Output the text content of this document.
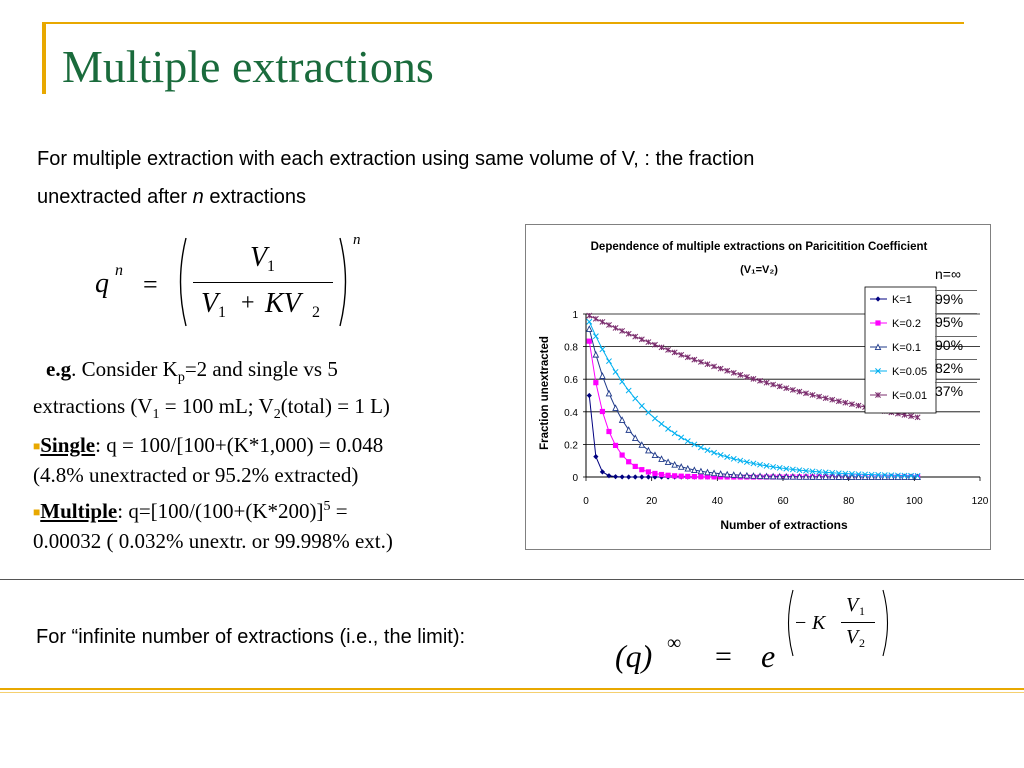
Multiple extractions
For multiple extraction with each extraction using same volume of V, : the fraction
unextracted after n extractions
q n =
V 1
V 1 + KV 2
n
e.g. Consider $K_p=2$ and single vs 5
extractions ($V_1 = 100$ mL; $V_2(total) = 1$ L)
■Single: q = 100/[100+(K*1,000) = 0.048
(4.8% unextracted or 95.2% extracted)
■Multiple: $q=[100/(100+(K*200)]^5$ =
0.00032 ( 0.032% unextr. or 99.998% ext.)
Dependence of multiple extractions on Paricitition Coefficient
(V₁=V₂)
Number of extractions
Fraction unextracted
0
0.2
0.4
0.6
0.8
1
0	20	40	60	80	100	120
K=1
K=0.2
K=0.1
K=0.05
K=0.01
n=∞
99%
95%
90%
82%
37%
For “infinite number of extractions (i.e., the limit):
(q) ∞ = e
− K
V 1
V 2
